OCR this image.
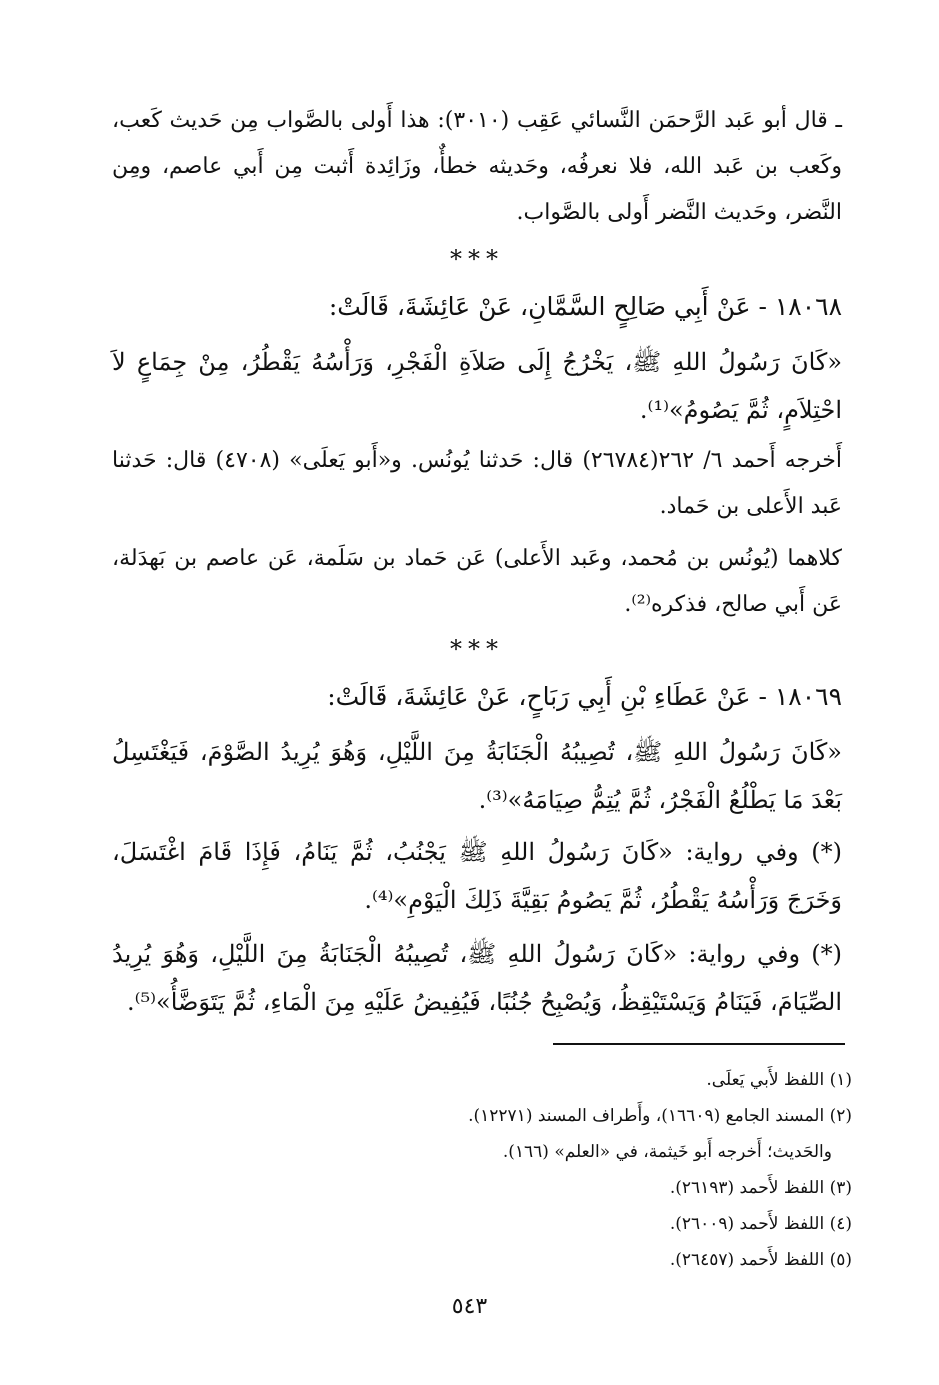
ـ قال أبو عَبد الرَّحمَن النَّسائي عَقِب (٣٠١٠): هذا أَولى بالصَّواب مِن حَديث كَعب، وكَعب بن عَبد الله، فلا نعرفُه، وحَديثه خطأٌ، وزَائِدة أَثبت مِن أَبي عاصم، ومِن النَّضر، وحَديث النَّضر أَولى بالصَّواب.
***
١٨٠٦٨ - عَنْ أَبِي صَالِحٍ السَّمَّانِ، عَنْ عَائِشَةَ، قَالَتْ:
«كَانَ رَسُولُ اللهِ ﷺ، يَخْرُجُ إِلَى صَلاَةِ الْفَجْرِ، وَرَأْسُهُ يَقْطُرُ، مِنْ جِمَاعٍ لاَ احْتِلاَمٍ، ثُمَّ يَصُومُ»⁽¹⁾.
أَخرجه أَحمد ٦/ ٢٦٢(٢٦٧٨٤) قال: حَدثنا يُونُس. و«أَبو يَعلَى» (٤٧٠٨) قال: حَدثنا عَبد الأَعلى بن حَماد.
كلاهما (يُونُس بن مُحمد، وعَبد الأَعلى) عَن حَماد بن سَلَمة، عَن عاصم بن بَهدَلة، عَن أَبي صالح، فذكره⁽²⁾.
***
١٨٠٦٩ - عَنْ عَطَاءِ بْنِ أَبِي رَبَاحٍ، عَنْ عَائِشَةَ، قَالَتْ:
«كَانَ رَسُولُ اللهِ ﷺ، تُصِيبُهُ الْجَنَابَةُ مِنَ اللَّيْلِ، وَهُوَ يُرِيدُ الصَّوْمَ، فَيَغْتَسِلُ بَعْدَ مَا يَطْلُعُ الْفَجْرُ، ثُمَّ يُتِمُّ صِيَامَهُ»⁽³⁾.
(*) وفي رواية: «كَانَ رَسُولُ اللهِ ﷺ يَجْنُبُ، ثُمَّ يَنَامُ، فَإِذَا قَامَ اغْتَسَلَ، وَخَرَجَ وَرَأْسُهُ يَقْطُرُ، ثُمَّ يَصُومُ بَقِيَّةَ ذَلِكَ الْيَوْمِ»⁽⁴⁾.
(*) وفي رواية: «كَانَ رَسُولُ اللهِ ﷺ، تُصِيبُهُ الْجَنَابَةُ مِنَ اللَّيْلِ، وَهُوَ يُرِيدُ الصِّيَامَ، فَيَنَامُ وَيَسْتَيْقِظُ، وَيُصْبِحُ جُنُبًا، فَيُفِيضُ عَلَيْهِ مِنَ الْمَاءِ، ثُمَّ يَتَوَضَّأُ»⁽⁵⁾.
(١) اللفظ لأَبي يَعلَى.
(٢) المسند الجامع (١٦٦٠٩)، وأَطراف المسند (١٢٢٧١).
والحَديث؛ أَخرجه أَبو خَيثمة، في «العلم» (١٦٦).
(٣) اللفظ لأَحمد (٢٦١٩٣).
(٤) اللفظ لأَحمد (٢٦٠٠٩).
(٥) اللفظ لأَحمد (٢٦٤٥٧).
٥٤٣
